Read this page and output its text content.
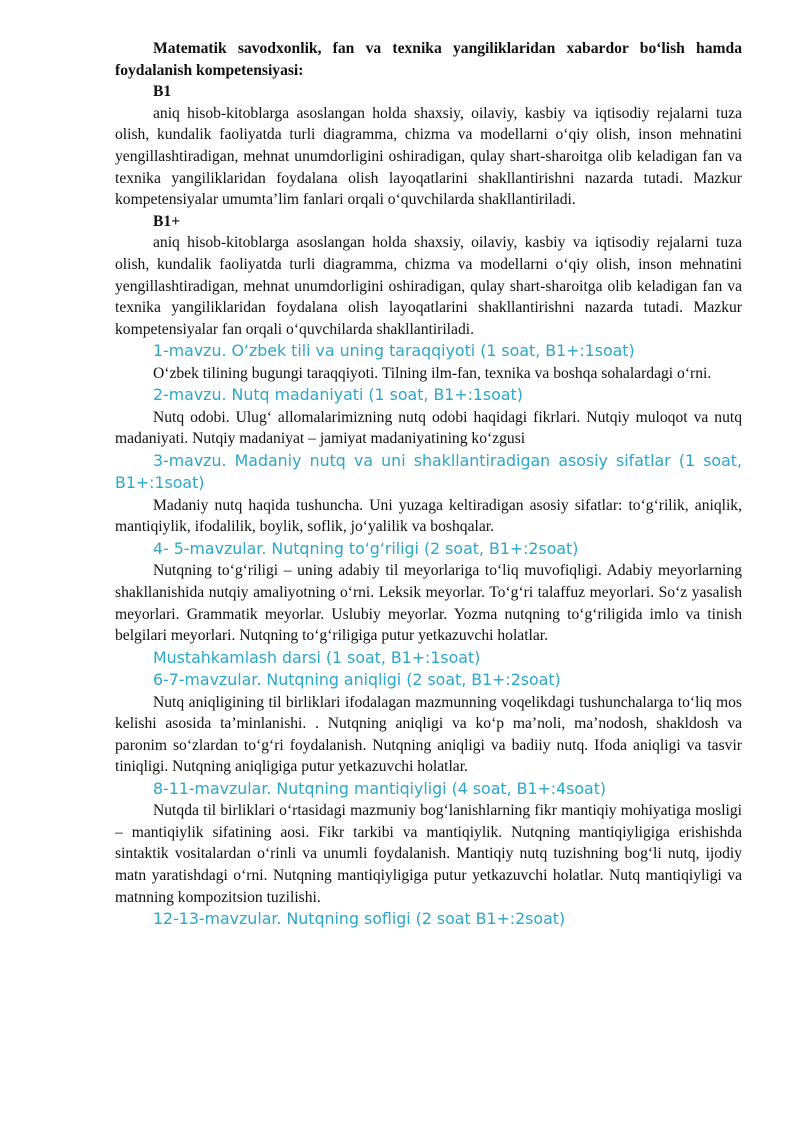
Matematik savodxonlik, fan va texnika yangiliklaridan xabardor bo‘lish hamda foydalanish kompetensiyasi:

B1

aniq hisob-kitoblarga asoslangan holda shaxsiy, oilaviy, kasbiy va iqtisodiy rejalarni tuza olish, kundalik faoliyatda turli diagramma, chizma va modellarni o‘qiy olish, inson mehnatini yengillashtiradigan, mehnat unumdorligini oshiradigan, qulay shart-sharoitga olib keladigan fan va texnika yangiliklaridan foydalana olish layoqatlarini shakllantirishni nazarda tutadi. Mazkur kompetensiyalar umumta’lim fanlari orqali o‘quvchilarda shakllantiriladi.

B1+

aniq hisob-kitoblarga asoslangan holda shaxsiy, oilaviy, kasbiy va iqtisodiy rejalarni tuza olish, kundalik faoliyatda turli diagramma, chizma va modellarni o‘qiy olish, inson mehnatini yengillashtiradigan, mehnat unumdorligini oshiradigan, qulay shart-sharoitga olib keladigan fan va texnika yangiliklaridan foydalana olish layoqatlarini shakllantirishni nazarda tutadi. Mazkur kompetensiyalar fan orqali o‘quvchilarda shakllantiriladi.

1-mavzu. O‘zbek tili va uning taraqqiyoti (1 soat, B1+:1soat)

O‘zbek tilining bugungi taraqqiyoti. Tilning ilm-fan, texnika va boshqa sohalardagi o‘rni.

2-mavzu. Nutq madaniyati (1 soat, B1+:1soat)

Nutq odobi. Ulug‘ allomalarimizning nutq odobi haqidagi fikrlari. Nutqiy muloqot va nutq madaniyati. Nutqiy madaniyat – jamiyat madaniyatining ko‘zgusi

3-mavzu. Madaniy nutq va uni shakllantiradigan asosiy sifatlar (1 soat, B1+:1soat)

Madaniy nutq haqida tushuncha. Uni yuzaga keltiradigan asosiy sifatlar: to‘g‘rilik, aniqlik, mantiqiylik, ifodalilik, boylik, soflik, jo‘yalilik va boshqalar.

4- 5-mavzular. Nutqning to‘g‘riligi (2 soat, B1+:2soat)

Nutqning to‘g‘riligi – uning adabiy til meyorlariga to‘liq muvofiqligi. Adabiy meyorlarning shakllanishida nutqiy amaliyotning o‘rni. Leksik meyorlar. To‘g‘ri talaffuz meyorlari. So‘z yasalish meyorlari. Grammatik meyorlar. Uslubiy meyorlar. Yozma nutqning to‘g‘riligida imlo va tinish belgilari meyorlari. Nutqning to‘g‘riligiga putur yetkazuvchi holatlar.

Mustahkamlash darsi (1 soat, B1+:1soat)
6-7-mavzular. Nutqning aniqligi (2 soat, B1+:2soat)

Nutq aniqligining til birliklari ifodalagan mazmunning voqelikdagi tushunchalarga to‘liq mos kelishi asosida ta’minlanishi. . Nutqning aniqligi va ko‘p ma’noli, ma’nodosh, shakldosh va paronim so‘zlardan to‘g‘ri foydalanish. Nutqning aniqligi va badiiy nutq. Ifoda aniqligi va tasvir tiniqligi. Nutqning aniqligiga putur yetkazuvchi holatlar.

8-11-mavzular. Nutqning mantiqiyligi (4 soat, B1+:4soat)

Nutqda til birliklari o‘rtasidagi mazmuniy bog‘lanishlarning fikr mantiqiy mohiyatiga mosligi – mantiqiylik sifatining aosi. Fikr tarkibi va mantiqiylik. Nutqning mantiqiyligiga erishishda sintaktik vositalardan o‘rinli va unumli foydalanish. Mantiqiy nutq tuzishning bog‘li nutq, ijodiy matn yaratishdagi o‘rni. Nutqning mantiqiyligiga putur yetkazuvchi holatlar. Nutq mantiqiyligi va matnning kompozitsion tuzilishi.

12-13-mavzular. Nutqning sofligi (2 soat B1+:2soat)
